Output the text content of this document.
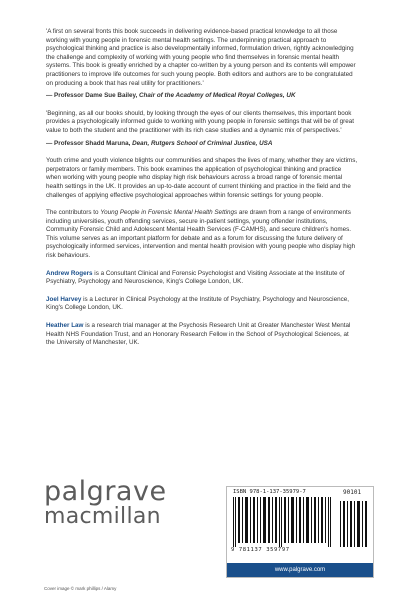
'A first on several fronts this book succeeds in delivering evidence-based practical knowledge to all those working with young people in forensic mental health settings. The underpinning practical approach to psychological thinking and practice is also developmentally informed, formulation driven, rightly acknowledging the challenge and complexity of working with young people who find themselves in forensic mental health systems. This book is greatly enriched by a chapter co-written by a young person and its contents will empower practitioners to improve life outcomes for such young people. Both editors and authors are to be congratulated on producing a book that has real utility for practitioners.'

— Professor Dame Sue Bailey, Chair of the Academy of Medical Royal Colleges, UK

'Beginning, as all our books should, by looking through the eyes of our clients themselves, this important book provides a psychologically informed guide to working with young people in forensic settings that will be of great value to both the student and the practitioner with its rich case studies and a dynamic mix of perspectives.'

— Professor Shadd Maruna, Dean, Rutgers School of Criminal Justice, USA

Youth crime and youth violence blights our communities and shapes the lives of many, whether they are victims, perpetrators or family members. This book examines the application of psychological thinking and practice when working with young people who display high risk behaviours across a broad range of forensic mental health settings in the UK. It provides an up-to-date account of current thinking and practice in the field and the challenges of applying effective psychological approaches within forensic settings for young people.

The contributors to Young People in Forensic Mental Health Settings are drawn from a range of environments including universities, youth offending services, secure in-patient settings, young offender institutions, Community Forensic Child and Adolescent Mental Health Services (F-CAMHS), and secure children's homes. This volume serves as an important platform for debate and as a forum for discussing the future delivery of psychologically informed services, intervention and mental health provision with young people who display high risk behaviours.

Andrew Rogers is a Consultant Clinical and Forensic Psychologist and Visiting Associate at the Institute of Psychiatry, Psychology and Neuroscience, King's College London, UK.

Joel Harvey is a Lecturer in Clinical Psychology at the Institute of Psychiatry, Psychology and Neuroscience, King's College London, UK.

Heather Law is a research trial manager at the Psychosis Research Unit at Greater Manchester West Mental Health NHS Foundation Trust, and an Honorary Research Fellow in the School of Psychological Sciences, at the University of Manchester, UK.

palgrave
macmillan
ISBN 978-1-137-35979-7	90101
9 781137 359797
www.palgrave.com
Cover image © mark phillips / Alamy
